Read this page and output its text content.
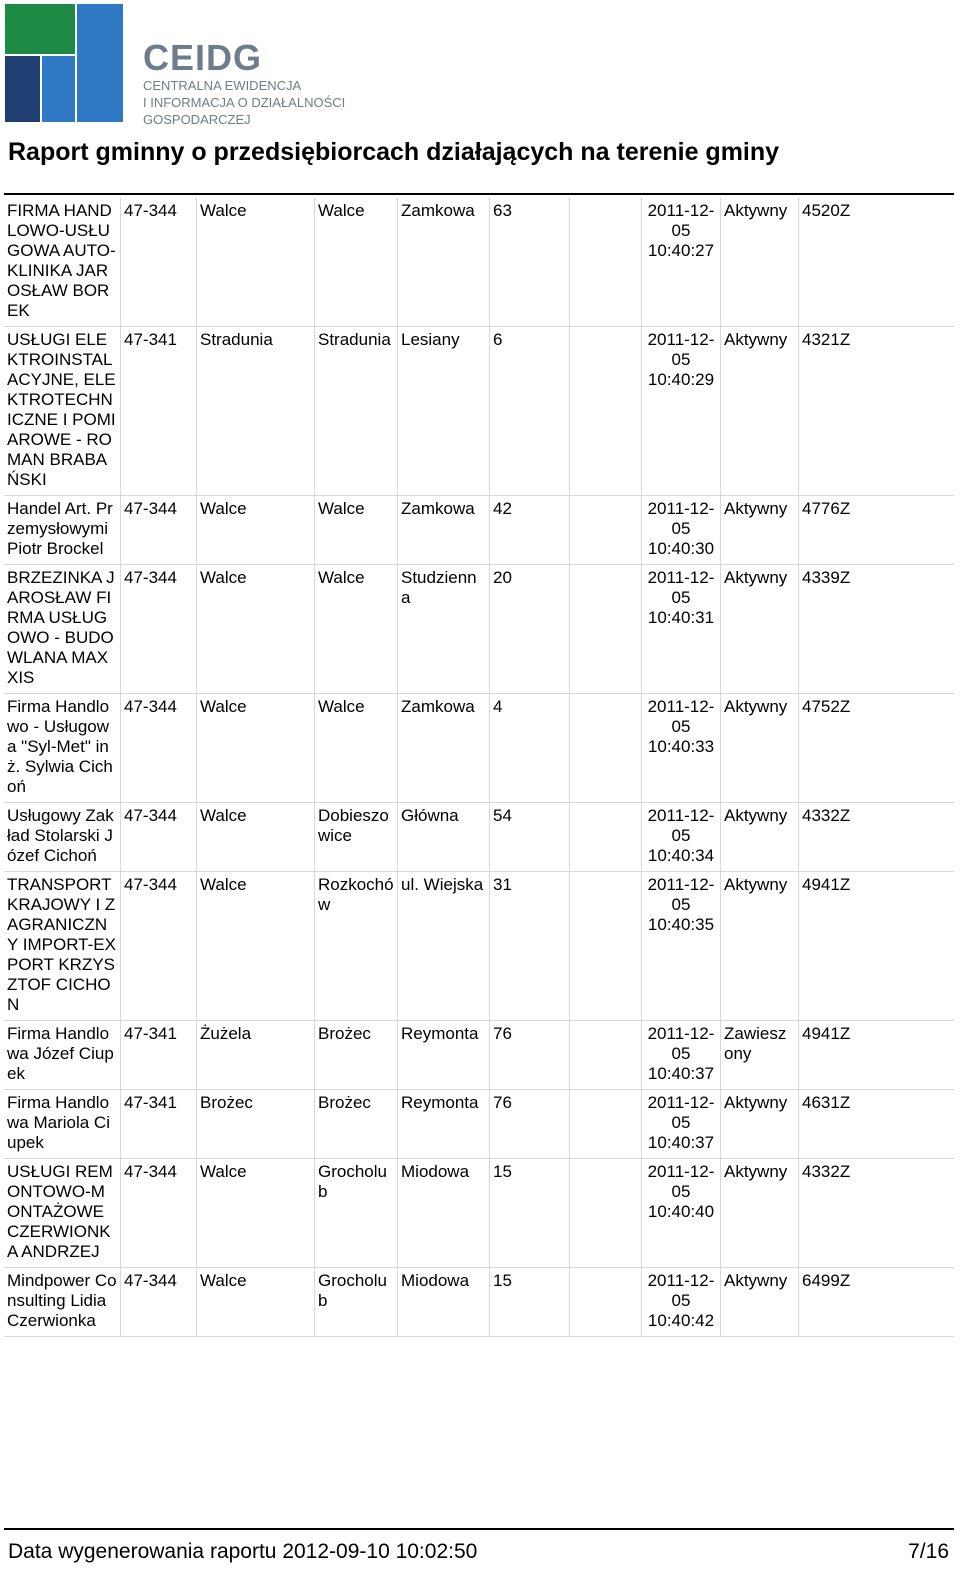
CEIDG
CENTRALNA EWIDENCJA
I INFORMACJA O DZIAŁALNOŚCI
GOSPODARCZEJ
Raport gminny o przedsiębiorcach działających na terenie gminy
FIRMA HANDLOWO-USŁUGOWA AUTO-KLINIKA JAROSŁAW BOREK	47-344	Walce	Walce	Zamkowa	63		2011-12-05 10:40:27	Aktywny	4520Z
USŁUGI ELEKTROINSTALACYJNE, ELEKTROTECHNICZNE I POMIAROWE - ROMAN BRABAŃSKI	47-341	Stradunia	Stradunia	Lesiany	6		2011-12-05 10:40:29	Aktywny	4321Z
Handel Art. Przemysłowymi Piotr Brockel	47-344	Walce	Walce	Zamkowa	42		2011-12-05 10:40:30	Aktywny	4776Z
BRZEZINKA JAROSŁAW FIRMA USŁUGOWO - BUDOWLANA MAXXIS	47-344	Walce	Walce	Studzienna	20		2011-12-05 10:40:31	Aktywny	4339Z
Firma Handlowo - Usługowa "Syl-Met" inż. Sylwia Cichoń	47-344	Walce	Walce	Zamkowa	4		2011-12-05 10:40:33	Aktywny	4752Z
Usługowy Zakład Stolarski Józef Cichoń	47-344	Walce	Dobieszowice	Główna	54		2011-12-05 10:40:34	Aktywny	4332Z
TRANSPORT KRAJOWY I ZAGRANICZNY IMPORT-EXPORT KRZYSZTOF CICHON	47-344	Walce	Rozkochów	ul. Wiejska	31		2011-12-05 10:40:35	Aktywny	4941Z
Firma Handlowa Józef Ciupek	47-341	Żużela	Brożec	Reymonta	76		2011-12-05 10:40:37	Zawieszony	4941Z
Firma Handlowa Mariola Ciupek	47-341	Brożec	Brożec	Reymonta	76		2011-12-05 10:40:37	Aktywny	4631Z
USŁUGI REMONTOWO-MONTAŻOWE CZERWIONKA ANDRZEJ	47-344	Walce	Grocholub	Miodowa	15		2011-12-05 10:40:40	Aktywny	4332Z
Mindpower Consulting Lidia Czerwionka	47-344	Walce	Grocholub	Miodowa	15		2011-12-05 10:40:42	Aktywny	6499Z
Data wygenerowania raportu 2012-09-10 10:02:50	7/16
